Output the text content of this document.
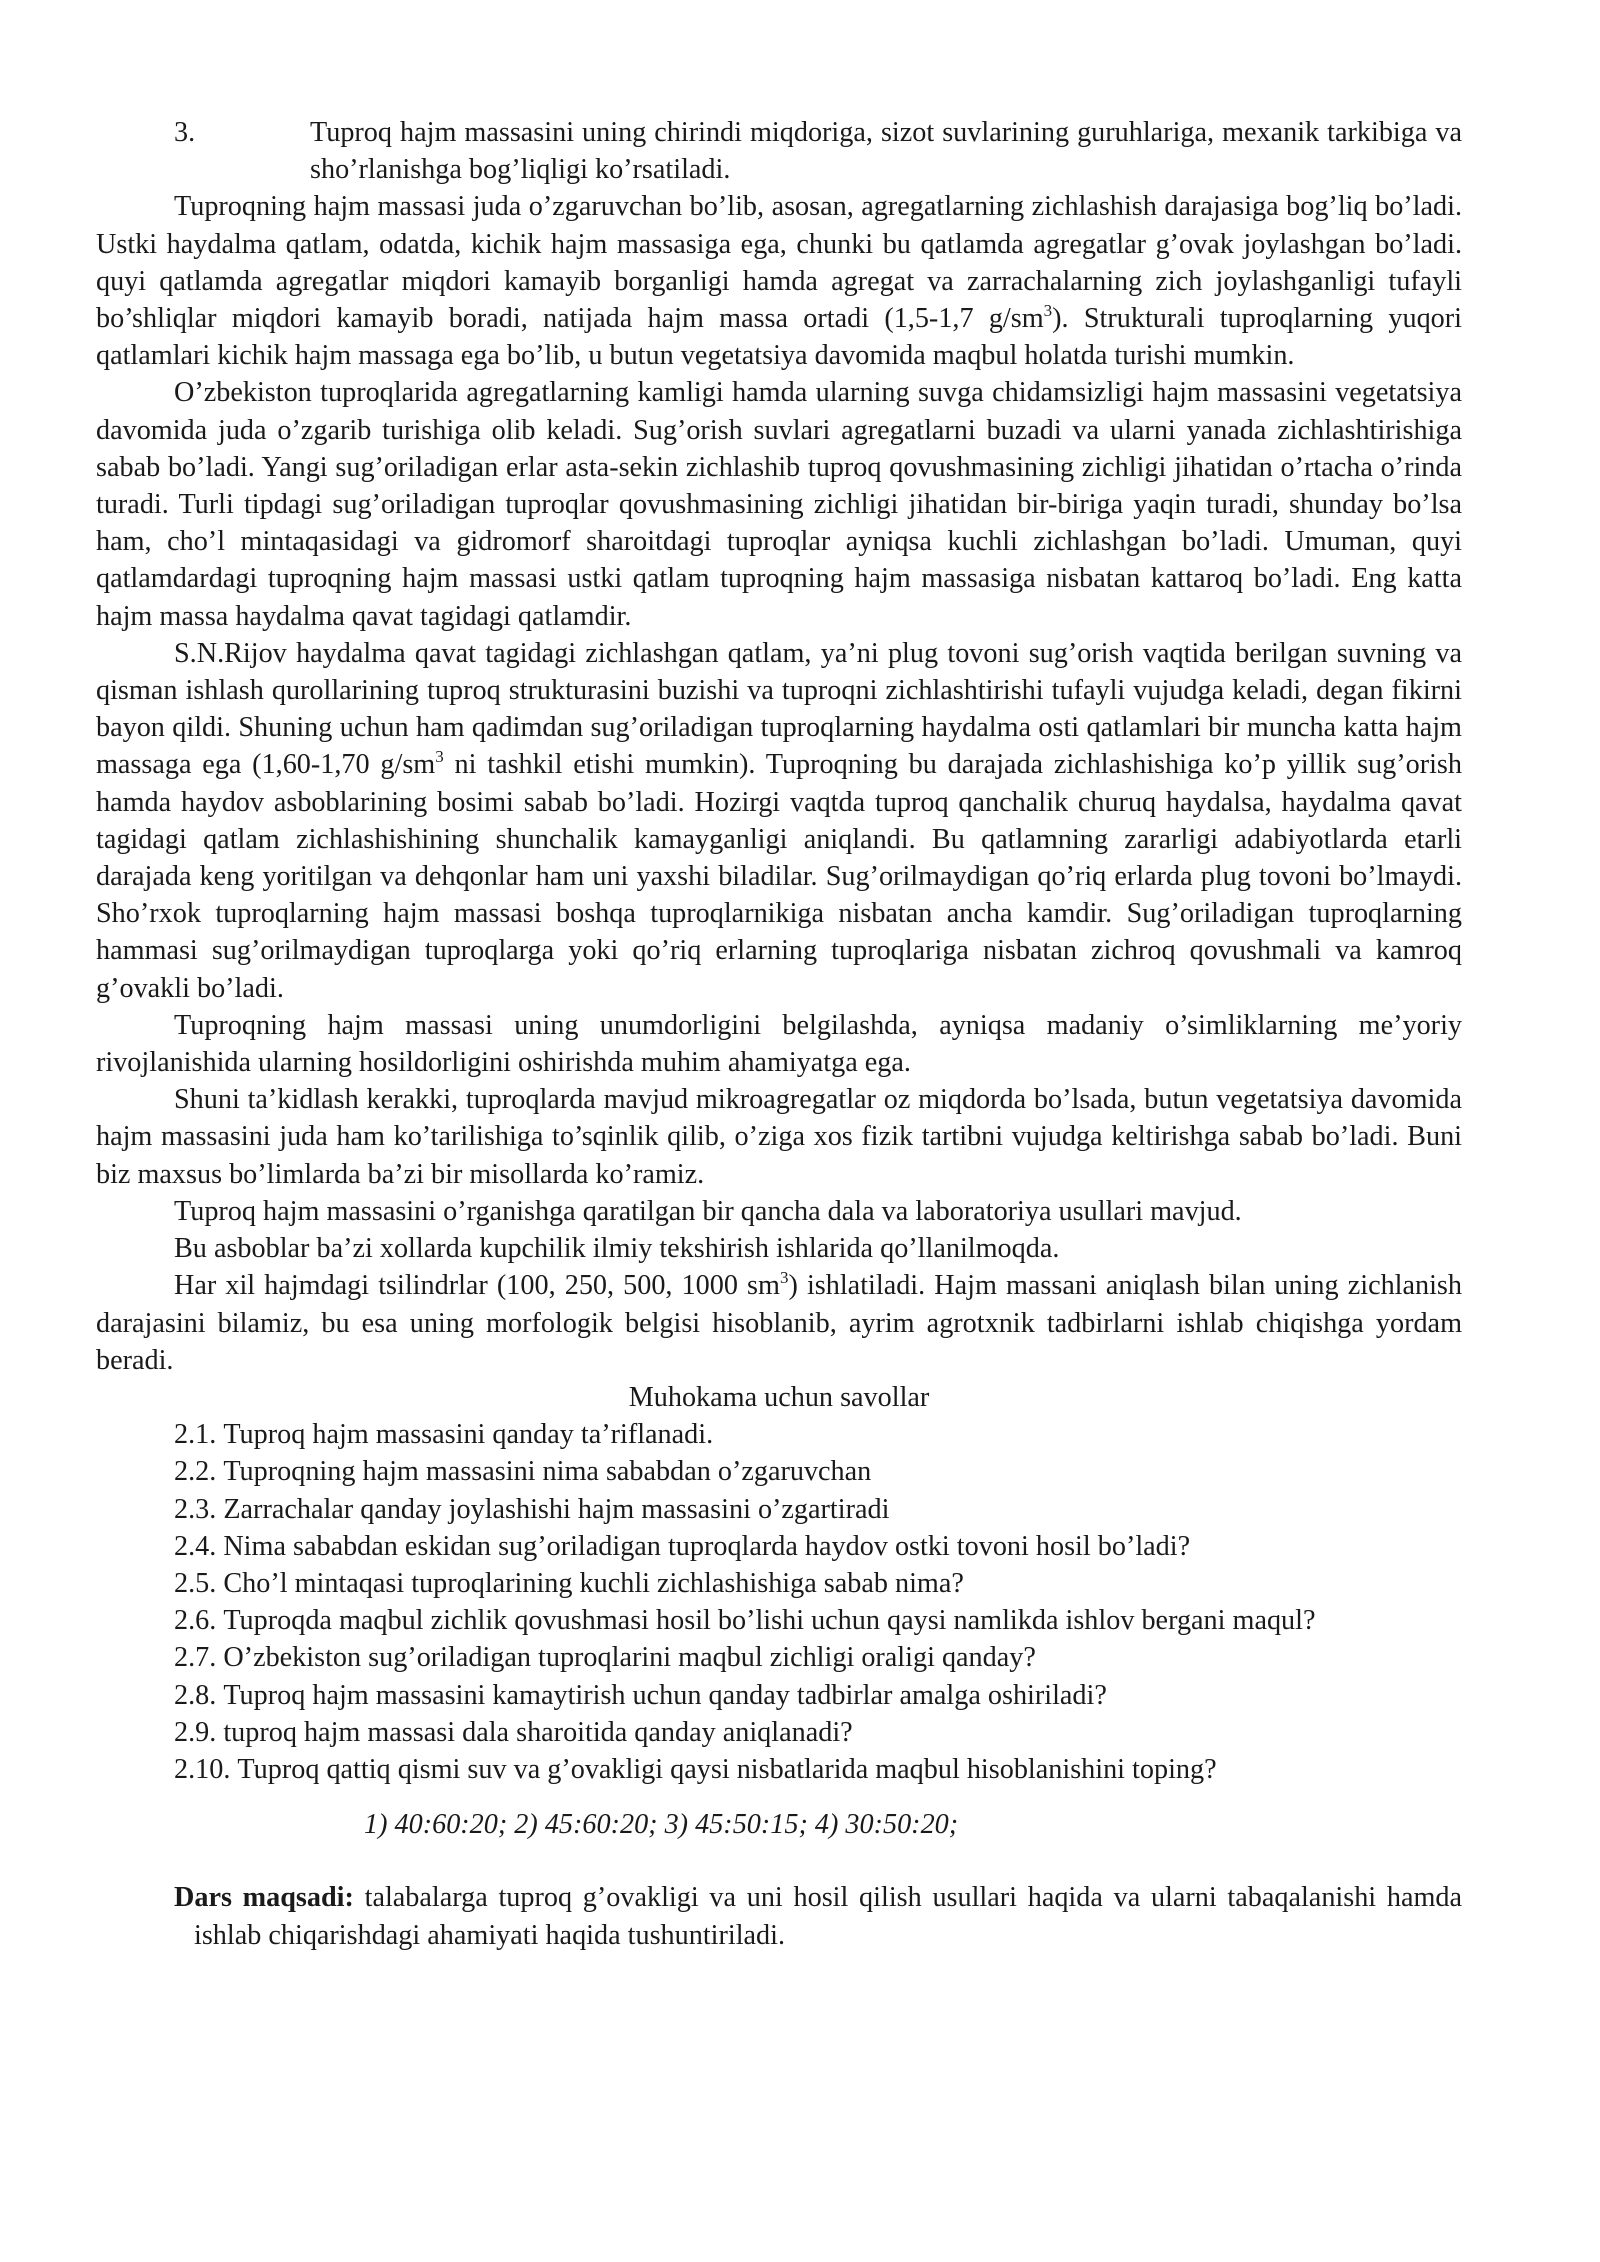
3.	Tuproq hajm massasini uning chirindi miqdoriga, sizot suvlarining guruhlariga, mexanik tarkibiga va sho’rlanishga bog’liqligi ko’rsatiladi.

Tuproqning hajm massasi juda o’zgaruvchan bo’lib, asosan, agregatlarning zichlashish darajasiga bog’liq bo’ladi. Ustki haydalma qatlam, odatda, kichik hajm massasiga ega, chunki bu qatlamda agregatlar g’ovak joylashgan bo’ladi. quyi qatlamda agregatlar miqdori kamayib borganligi hamda agregat va zarrachalarning zich joylashganligi tufayli bo’shliqlar miqdori kamayib boradi, natijada hajm massa ortadi (1,5-1,7 $g/sm^3$). Strukturali tuproqlarning yuqori qatlamlari kichik hajm massaga ega bo’lib, u butun vegetatsiya davomida maqbul holatda turishi mumkin.

O’zbekiston tuproqlarida agregatlarning kamligi hamda ularning suvga chidamsizligi hajm massasini vegetatsiya davomida juda o’zgarib turishiga olib keladi. Sug’orish suvlari agregatlarni buzadi va ularni yanada zichlashtirishiga sabab bo’ladi. Yangi sug’oriladigan erlar asta-sekin zichlashib tuproq qovushmasining zichligi jihatidan o’rtacha o’rinda turadi. Turli tipdagi sug’oriladigan tuproqlar qovushmasining zichligi jihatidan bir-biriga yaqin turadi, shunday bo’lsa ham, cho’l mintaqasidagi va gidromorf sharoitdagi tuproqlar ayniqsa kuchli zichlashgan bo’ladi. Umuman, quyi qatlamdardagi tuproqning hajm massasi ustki qatlam tuproqning hajm massasiga nisbatan kattaroq bo’ladi. Eng katta hajm massa haydalma qavat tagidagi qatlamdir.

S.N.Rijov haydalma qavat tagidagi zichlashgan qatlam, ya’ni plug tovoni sug’orish vaqtida berilgan suvning va qisman ishlash qurollarining tuproq strukturasini buzishi va tuproqni zichlashtirishi tufayli vujudga keladi, degan fikirni bayon qildi. Shuning uchun ham qadimdan sug’oriladigan tuproqlarning haydalma osti qatlamlari bir muncha katta hajm massaga ega (1,60-1,70 $g/sm^3$ ni tashkil etishi mumkin). Tuproqning bu darajada zichlashishiga ko’p yillik sug’orish hamda haydov asboblarining bosimi sabab bo’ladi. Hozirgi vaqtda tuproq qanchalik churuq haydalsa, haydalma qavat tagidagi qatlam zichlashishining shunchalik kamayganligi aniqlandi. Bu qatlamning zararligi adabiyotlarda etarli darajada keng yoritilgan va dehqonlar ham uni yaxshi biladilar. Sug’orilmaydigan qo’riq erlarda plug tovoni bo’lmaydi. Sho’rxok tuproqlarning hajm massasi boshqa tuproqlarnikiga nisbatan ancha kamdir. Sug’oriladigan tuproqlarning hammasi sug’orilmaydigan tuproqlarga yoki qo’riq erlarning tuproqlariga nisbatan zichroq qovushmali va kamroq g’ovakli bo’ladi.

Tuproqning hajm massasi uning unumdorligini belgilashda, ayniqsa madaniy o’simliklarning me’yoriy rivojlanishida ularning hosildorligini oshirishda muhim ahamiyatga ega.

Shuni ta’kidlash kerakki, tuproqlarda mavjud mikroagregatlar oz miqdorda bo’lsada, butun vegetatsiya davomida hajm massasini juda ham ko’tarilishiga to’sqinlik qilib, o’ziga xos fizik tartibni vujudga keltirishga sabab bo’ladi. Buni biz maxsus bo’limlarda ba’zi bir misollarda ko’ramiz.

Tuproq hajm massasini o’rganishga qaratilgan bir qancha dala va laboratoriya usullari mavjud.

Bu asboblar ba’zi xollarda kupchilik ilmiy tekshirish ishlarida qo’llanilmoqda.

Har xil hajmdagi tsilindrlar (100, 250, 500, 1000 $sm^3$) ishlatiladi. Hajm massani aniqlash bilan uning zichlanish darajasini bilamiz, bu esa uning morfologik belgisi hisoblanib, ayrim agrotxnik tadbirlarni ishlab chiqishga yordam beradi.

Muhokama uchun savollar

2.1. Tuproq hajm massasini qanday ta’riflanadi.
2.2. Tuproqning hajm massasini nima sababdan o’zgaruvchan
2.3. Zarrachalar qanday joylashishi hajm massasini o’zgartiradi
2.4. Nima sababdan eskidan sug’oriladigan tuproqlarda haydov ostki tovoni hosil bo’ladi?
2.5. Cho’l mintaqasi tuproqlarining kuchli zichlashishiga sabab nima?
2.6. Tuproqda maqbul zichlik qovushmasi hosil bo’lishi uchun qaysi namlikda ishlov bergani maqul?
2.7. O’zbekiston sug’oriladigan tuproqlarini maqbul zichligi oraligi qanday?
2.8. Tuproq hajm massasini kamaytirish uchun qanday tadbirlar amalga oshiriladi?
2.9. tuproq hajm massasi dala sharoitida qanday aniqlanadi?
2.10. Tuproq qattiq qismi suv va g’ovakligi qaysi nisbatlarida maqbul hisoblanishini toping?
1) 40:60:20; 2) 45:60:20; 3) 45:50:15; 4) 30:50:20;
Dars maqsadi: talabalarga tuproq g’ovakligi va uni hosil qilish usullari haqida va ularni tabaqalanishi hamda ishlab chiqarishdagi ahamiyati haqida tushuntiriladi.
